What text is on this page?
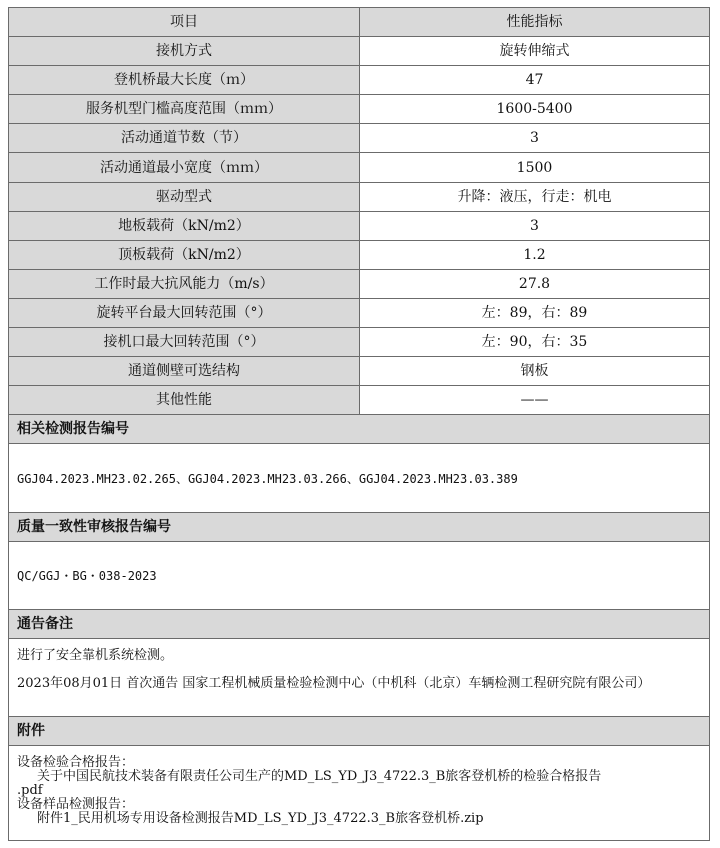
项目	性能指标
接机方式	旋转伸缩式
登机桥最大长度（ｍ）	47
服务机型门槛高度范围（ｍｍ）	1600-5400
活动通道节数（节）	3
活动通道最小宽度（ｍｍ）	1500
驱动型式	升降：液压，行走：机电
地板载荷（kN/m2）	3
顶板载荷（kN/m2）	1.2
工作时最大抗风能力（m/s）	27.8
旋转平台最大回转范围（°）	左：89，右：89
接机口最大回转范围（°）	左：90，右：35
通道侧壁可选结构	钢板
其他性能	——
相关检测报告编号
GGJ04.2023.MH23.02.265、GGJ04.2023.MH23.03.266、GGJ04.2023.MH23.03.389
质量一致性审核报告编号
QC/GGJ・BG・038-2023
通告备注

进行了安全靠机系统检测。

2023年08月01日 首次通告 国家工程机械质量检验检测中心（中机科（北京）车辆检测工程研究院有限公司）

附件
设备检验合格报告：
关于中国民航技术装备有限责任公司生产的MD_LS_YD_J3_4722.3_B旅客登机桥的检验合格报告
.pdf
设备样品检测报告：
附件1_民用机场专用设备检测报告MD_LS_YD_J3_4722.3_B旅客登机桥.zip
